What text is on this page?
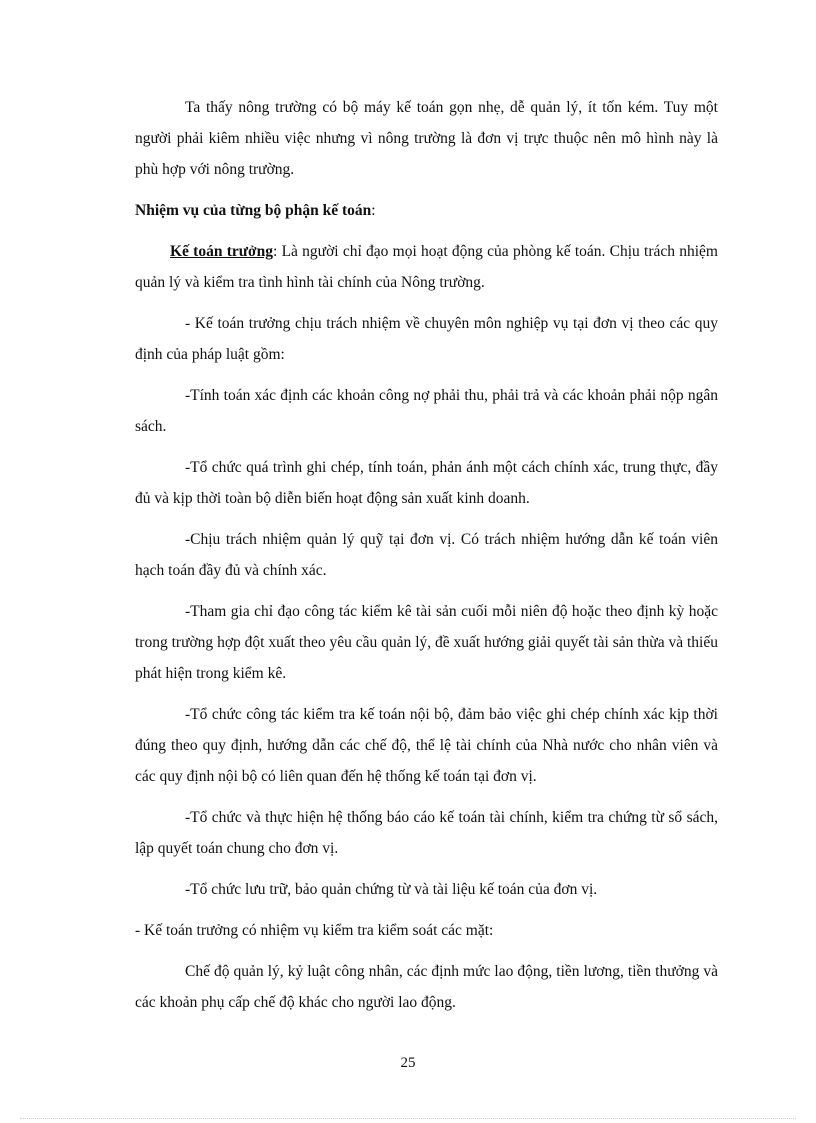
Ta thấy nông trường có bộ máy kế toán gọn nhẹ, dễ quản lý, ít tốn kém. Tuy một người phải kiêm nhiều việc nhưng vì nông trường là đơn vị trực thuộc nên mô hình này là phù hợp với nông trường.

Nhiệm vụ của từng bộ phận kế toán:

Kế toán trưởng: Là người chỉ đạo mọi hoạt động của phòng kế toán. Chịu trách nhiệm quản lý và kiểm tra tình hình tài chính của Nông trường.

- Kế toán trưởng chịu trách nhiệm về chuyên môn nghiệp vụ tại đơn vị theo các quy định của pháp luật gồm:

-Tính toán xác định các khoản công nợ phải thu, phải trả và các khoản phải nộp ngân sách.

-Tổ chức quá trình ghi chép, tính toán, phản ánh một cách chính xác, trung thực, đầy đủ và kịp thời toàn bộ diễn biến hoạt động sản xuất kinh doanh.

-Chịu trách nhiệm quản lý quỹ tại đơn vị. Có trách nhiệm hướng dẫn kế toán viên hạch toán đầy đủ và chính xác.

-Tham gia chỉ đạo công tác kiểm kê tài sản cuối mỗi niên độ hoặc theo định kỳ hoặc trong trường hợp đột xuất theo yêu cầu quản lý, đề xuất hướng giải quyết tài sản thừa và thiếu phát hiện trong kiểm kê.

-Tổ chức công tác kiểm tra kế toán nội bộ, đảm bảo việc ghi chép chính xác kịp thời đúng theo quy định, hướng dẫn các chế độ, thể lệ tài chính của Nhà nước cho nhân viên và các quy định nội bộ có liên quan đến hệ thống kế toán tại đơn vị.

-Tổ chức và thực hiện hệ thống báo cáo kế toán tài chính, kiểm tra chứng từ sổ sách, lập quyết toán chung cho đơn vị.

-Tổ chức lưu trữ, bảo quản chứng từ và tài liệu kế toán của đơn vị.

- Kế toán trưởng có nhiệm vụ kiểm tra kiểm soát các mặt:

Chế độ quản lý, kỷ luật công nhân, các định mức lao động, tiền lương, tiền thưởng và các khoản phụ cấp chế độ khác cho người lao động.

25
